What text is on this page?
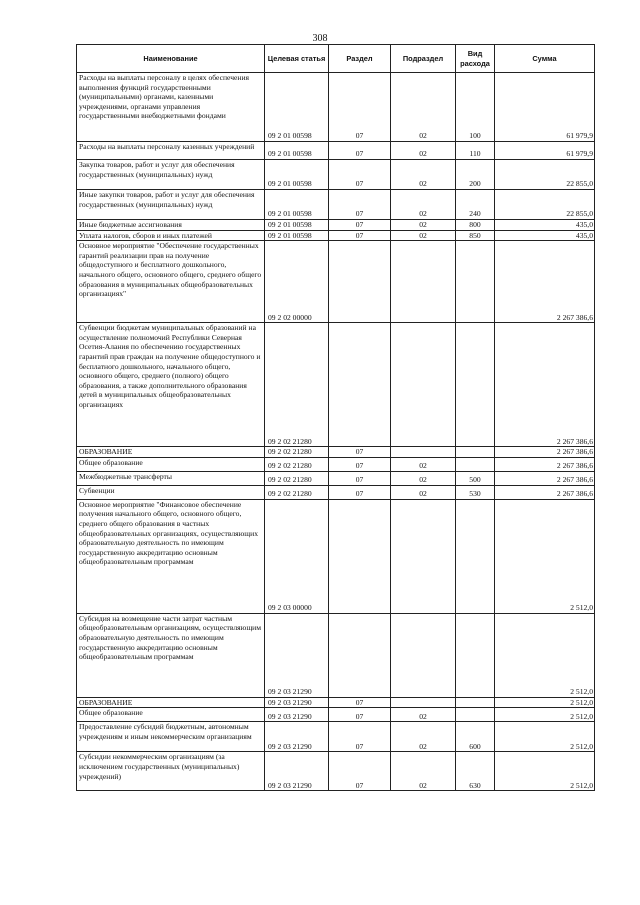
308
Наименование	Целевая статья	Раздел	Подраздел	Вид расхода	Сумма
Расходы на выплаты персоналу в целях обеспечения выполнения функций государственными (муниципальными) органами, казенными учреждениями, органами управления государственными внебюджетными фондами	09 2 01 00598	07	02	100	61 979,9
Расходы на выплаты персоналу казенных учреждений	09 2 01 00598	07	02	110	61 979,9
Закупка товаров, работ и услуг для обеспечения государственных (муниципальных) нужд	09 2 01 00598	07	02	200	22 855,0
Иные закупки товаров, работ и услуг для обеспечения государственных (муниципальных) нужд	09 2 01 00598	07	02	240	22 855,0
Иные бюджетные ассигнования	09 2 01 00598	07	02	800	435,0
Уплата налогов, сборов и иных платежей	09 2 01 00598	07	02	850	435,0
Основное мероприятие "Обеспечение государственных гарантий реализации прав на получение общедоступного и бесплатного дошкольного, начального общего, основного общего, среднего общего образования в муниципальных общеобразовательных организациях"	09 2 02 00000				2 267 386,6
Субвенции бюджетам муниципальных образований на осуществление полномочий Республики Северная Осетия-Алания по обеспечению государственных гарантий прав граждан на получение общедоступного и бесплатного дошкольного, начального общего, основного общего, среднего (полного) общего образования, а также дополнительного образования детей в муниципальных общеобразовательных организациях	09 2 02 21280				2 267 386,6
ОБРАЗОВАНИЕ	09 2 02 21280	07			2 267 386,6
Общее образование	09 2 02 21280	07	02		2 267 386,6
Межбюджетные трансферты	09 2 02 21280	07	02	500	2 267 386,6
Субвенции	09 2 02 21280	07	02	530	2 267 386,6
Основное мероприятие "Финансовое обеспечение получения начального общего, основного общего, среднего общего образования в частных общеобразовательных организациях, осуществляющих образовательную деятельность по имеющим государственную аккредитацию основным общеобразовательным программам	09 2 03 00000				2 512,0
Субсидия на возмещение части затрат частным общеобразовательным организациям, осуществляющим образовательную деятельность по имеющим государственную аккредитацию основным общеобразовательным программам	09 2 03 21290				2 512,0
ОБРАЗОВАНИЕ	09 2 03 21290	07			2 512,0
Общее образование	09 2 03 21290	07	02		2 512,0
Предоставление субсидий бюджетным, автономным учреждениям и иным некоммерческим организациям	09 2 03 21290	07	02	600	2 512,0
Субсидии некоммерческим организациям (за исключением государственных (муниципальных) учреждений)	09 2 03 21290	07	02	630	2 512,0
